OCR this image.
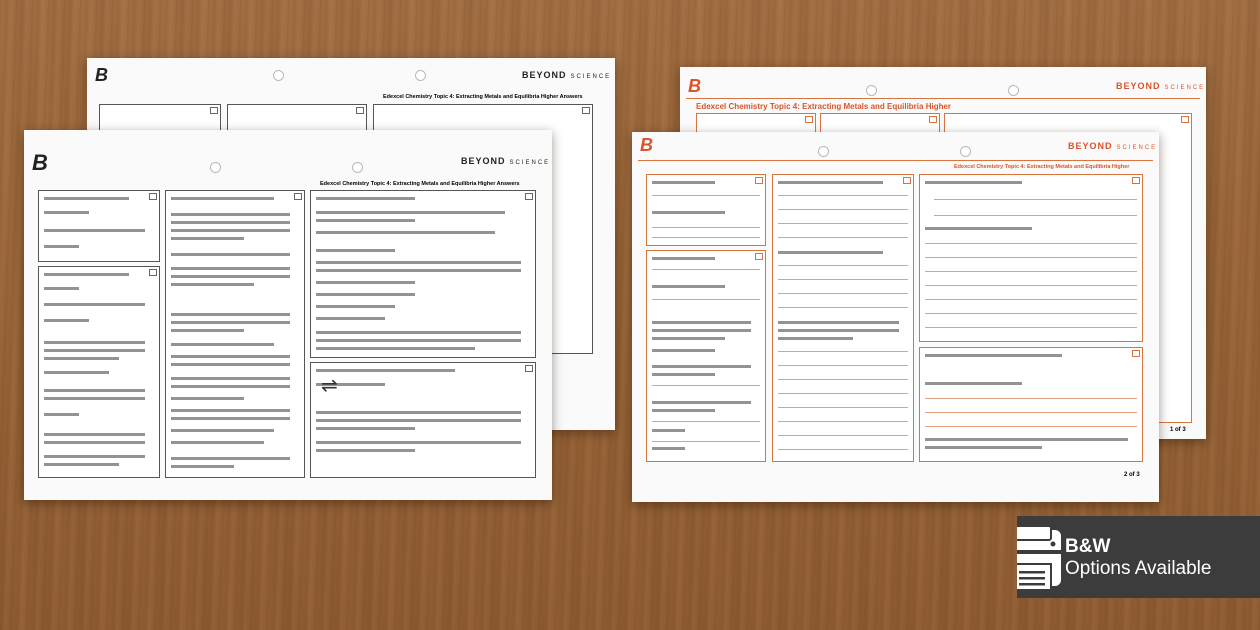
B	BEYOND SCIENCE
Edexcel Chemistry Topic 4: Extracting Metals and Equilibria Higher Answers
B	BEYOND SCIENCE
Edexcel Chemistry Topic 4: Extracting Metals and Equilibria Higher Answers
⇌
B	BEYOND SCIENCE
Edexcel Chemistry Topic 4: Extracting Metals and Equilibria Higher
1 of 3
B	BEYOND SCIENCE
Edexcel Chemistry Topic 4: Extracting Metals and Equilibria Higher
2 of 3
B&W
Options Available
